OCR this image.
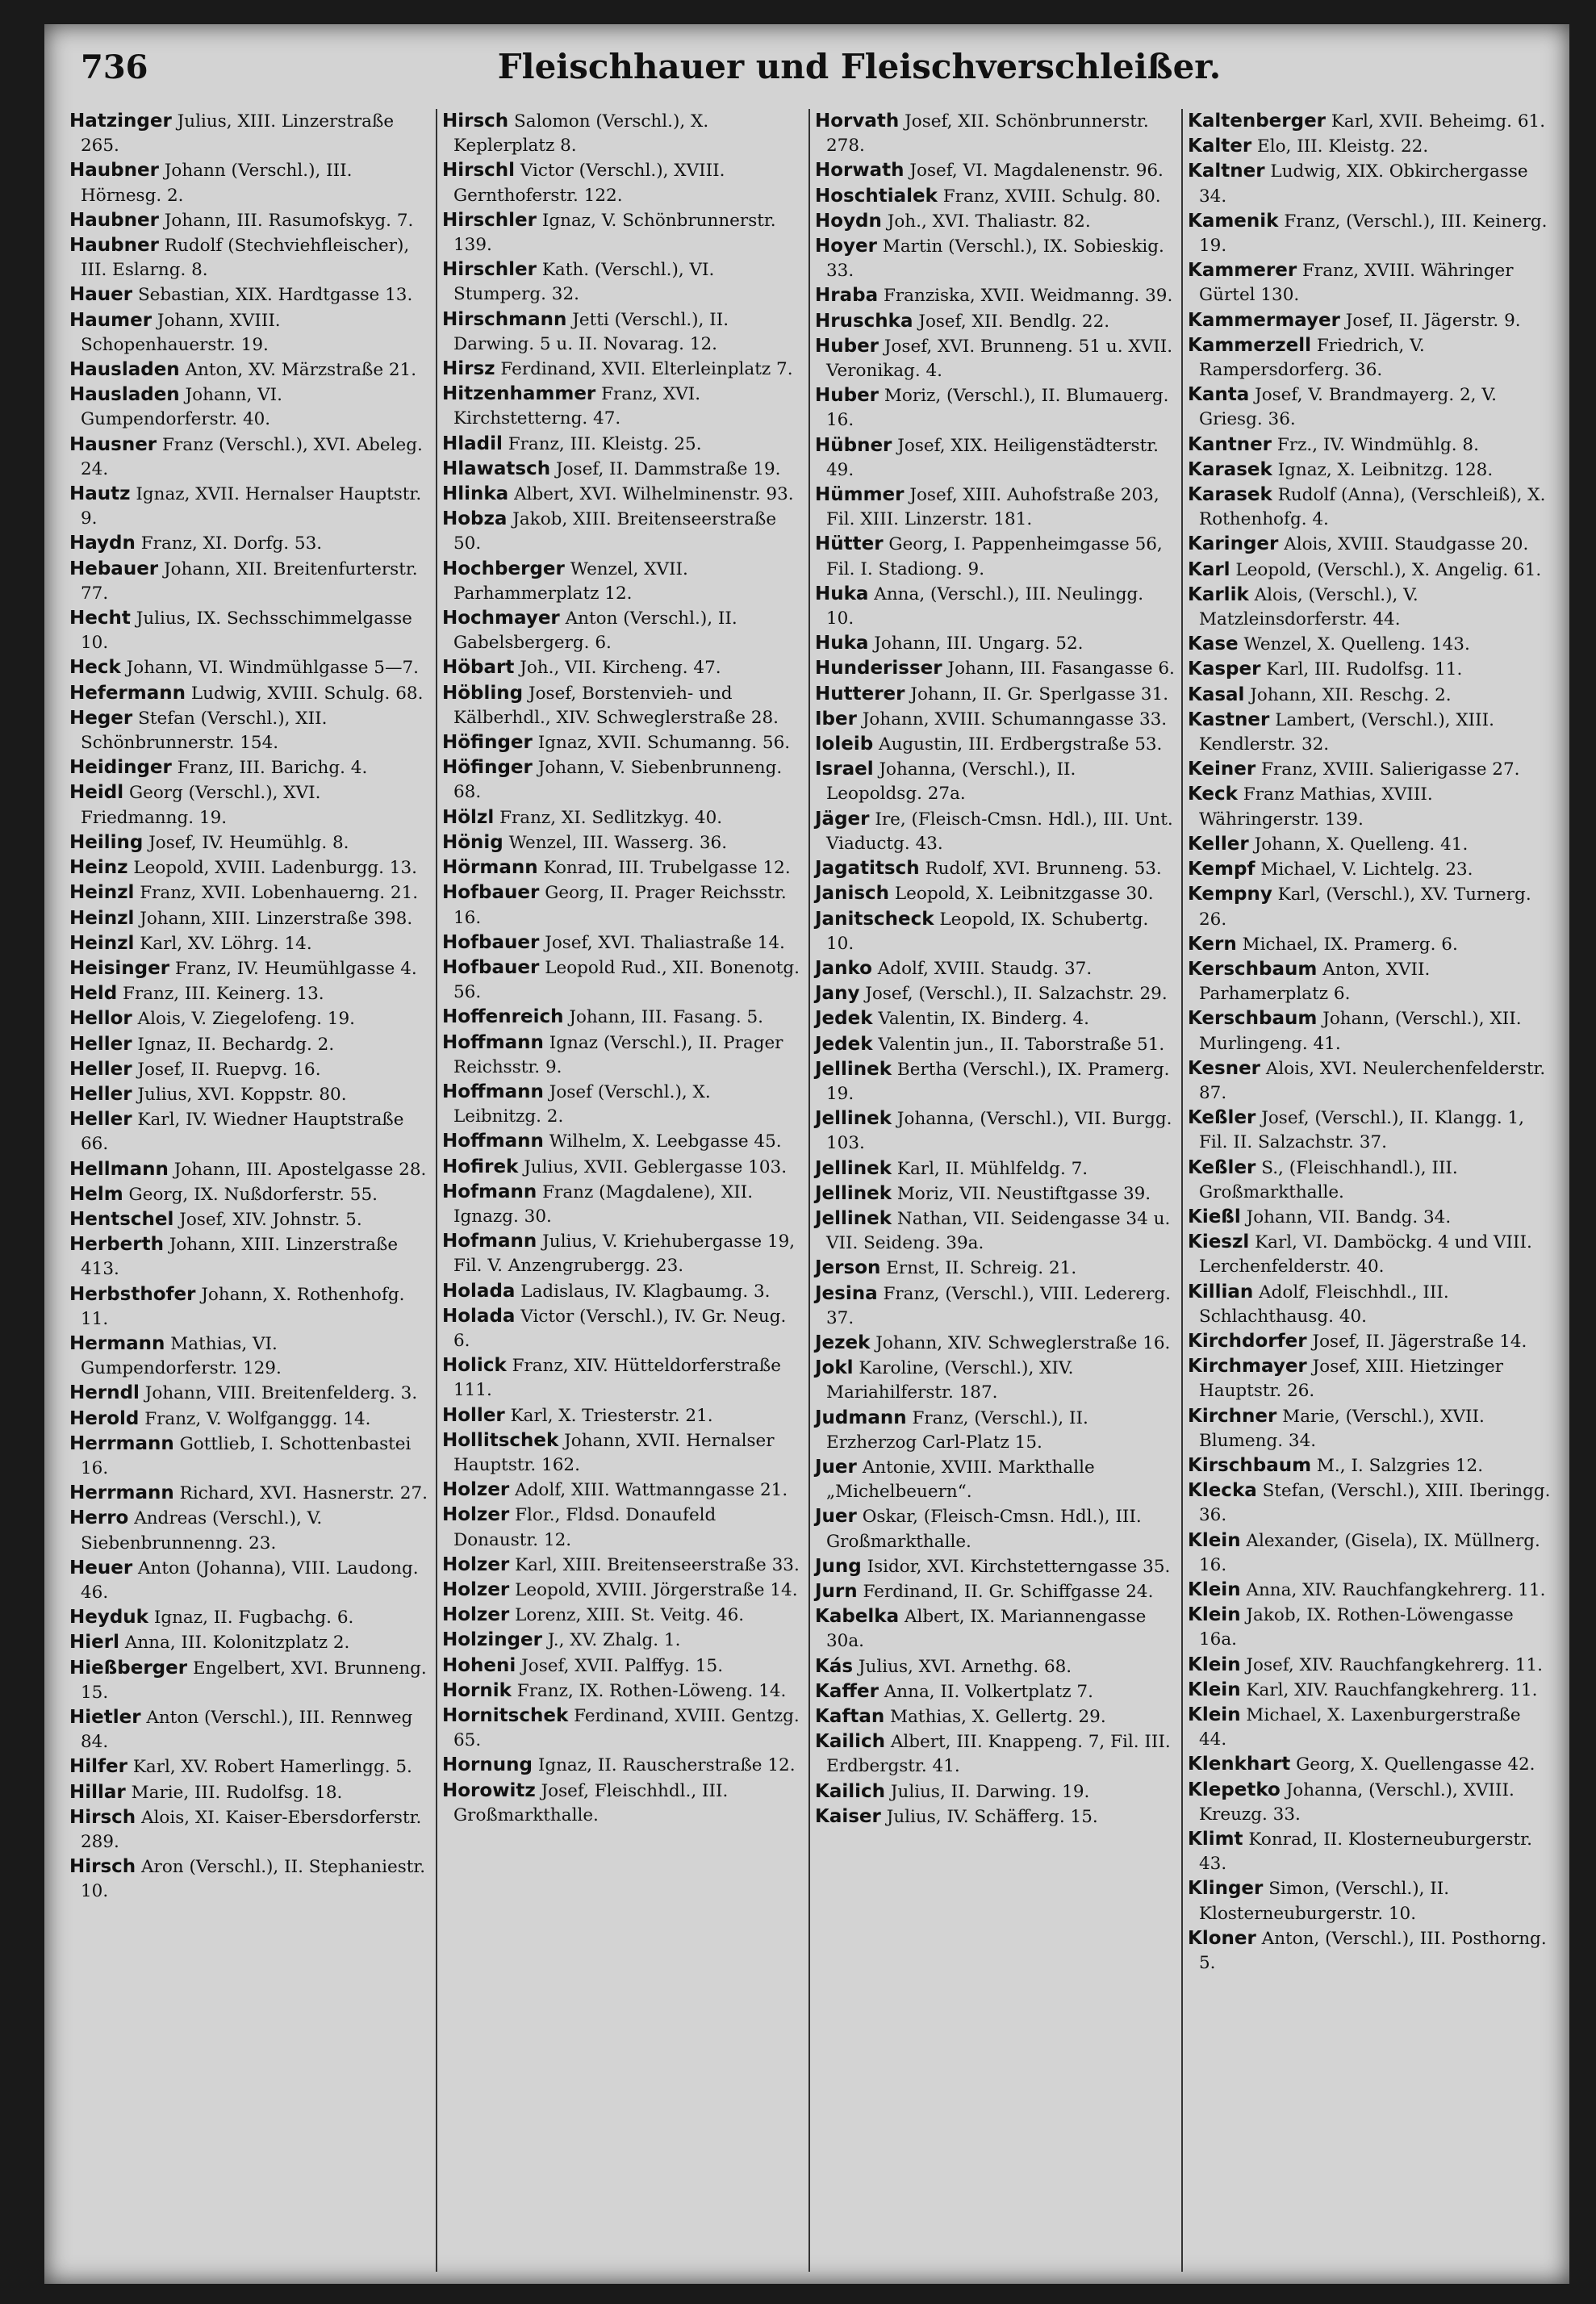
736	Fleischhauer und Fleischverschleißer.

Hatzinger Julius, XIII. Linzerstraße 265.

Haubner Johann (Verschl.), III. Hörnesg. 2.

Haubner Johann, III. Rasumofskyg. 7.

Haubner Rudolf (Stechviehfleischer), III. Eslarng. 8.

Hauer Sebastian, XIX. Hardtgasse 13.

Haumer Johann, XVIII. Schopenhauerstr. 19.

Hausladen Anton, XV. Märzstraße 21.

Hausladen Johann, VI. Gumpendorferstr. 40.

Hausner Franz (Verschl.), XVI. Abeleg. 24.

Hautz Ignaz, XVII. Hernalser Hauptstr. 9.

Haydn Franz, XI. Dorfg. 53.

Hebauer Johann, XII. Breitenfurterstr. 77.

Hecht Julius, IX. Sechsschimmelgasse 10.

Heck Johann, VI. Windmühlgasse 5—7.

Hefermann Ludwig, XVIII. Schulg. 68.

Heger Stefan (Verschl.), XII. Schönbrunnerstr. 154.

Heidinger Franz, III. Barichg. 4.

Heidl Georg (Verschl.), XVI. Friedmanng. 19.

Heiling Josef, IV. Heumühlg. 8.

Heinz Leopold, XVIII. Ladenburgg. 13.

Heinzl Franz, XVII. Lobenhauerng. 21.

Heinzl Johann, XIII. Linzerstraße 398.

Heinzl Karl, XV. Löhrg. 14.

Heisinger Franz, IV. Heumühlgasse 4.

Held Franz, III. Keinerg. 13.

Hellor Alois, V. Ziegelofeng. 19.

Heller Ignaz, II. Bechardg. 2.

Heller Josef, II. Ruepvg. 16.

Heller Julius, XVI. Koppstr. 80.

Heller Karl, IV. Wiedner Hauptstraße 66.

Hellmann Johann, III. Apostelgasse 28.

Helm Georg, IX. Nußdorferstr. 55.

Hentschel Josef, XIV. Johnstr. 5.

Herberth Johann, XIII. Linzerstraße 413.

Herbsthofer Johann, X. Rothenhofg. 11.

Hermann Mathias, VI. Gumpendorferstr. 129.

Herndl Johann, VIII. Breitenfelderg. 3.

Herold Franz, V. Wolfganggg. 14.

Herrmann Gottlieb, I. Schottenbastei 16.

Herrmann Richard, XVI. Hasnerstr. 27.

Herro Andreas (Verschl.), V. Siebenbrunnenng. 23.

Heuer Anton (Johanna), VIII. Laudong. 46.

Heyduk Ignaz, II. Fugbachg. 6.

Hierl Anna, III. Kolonitzplatz 2.

Hießberger Engelbert, XVI. Brunneng. 15.

Hietler Anton (Verschl.), III. Rennweg 84.

Hilfer Karl, XV. Robert Hamerlingg. 5.

Hillar Marie, III. Rudolfsg. 18.

Hirsch Alois, XI. Kaiser-Ebersdorferstr. 289.

Hirsch Aron (Verschl.), II. Stephaniestr. 10.

Hirsch Salomon (Verschl.), X. Keplerplatz 8.

Hirschl Victor (Verschl.), XVIII. Gernthoferstr. 122.

Hirschler Ignaz, V. Schönbrunnerstr. 139.

Hirschler Kath. (Verschl.), VI. Stumperg. 32.

Hirschmann Jetti (Verschl.), II. Darwing. 5 u. II. Novarag. 12.

Hirsz Ferdinand, XVII. Elterleinplatz 7.

Hitzenhammer Franz, XVI. Kirchstetterng. 47.

Hladil Franz, III. Kleistg. 25.

Hlawatsch Josef, II. Dammstraße 19.

Hlinka Albert, XVI. Wilhelminenstr. 93.

Hobza Jakob, XIII. Breitenseerstraße 50.

Hochberger Wenzel, XVII. Parhammerplatz 12.

Hochmayer Anton (Verschl.), II. Gabelsbergerg. 6.

Höbart Joh., VII. Kircheng. 47.

Höbling Josef, Borstenvieh- und Kälberhdl., XIV. Schweglerstraße 28.

Höfinger Ignaz, XVII. Schumanng. 56.

Höfinger Johann, V. Siebenbrunneng. 68.

Hölzl Franz, XI. Sedlitzkyg. 40.

Hönig Wenzel, III. Wasserg. 36.

Hörmann Konrad, III. Trubelgasse 12.

Hofbauer Georg, II. Prager Reichsstr. 16.

Hofbauer Josef, XVI. Thaliastraße 14.

Hofbauer Leopold Rud., XII. Bonenotg. 56.

Hoffenreich Johann, III. Fasang. 5.

Hoffmann Ignaz (Verschl.), II. Prager Reichsstr. 9.

Hoffmann Josef (Verschl.), X. Leibnitzg. 2.

Hoffmann Wilhelm, X. Leebgasse 45.

Hofirek Julius, XVII. Geblergasse 103.

Hofmann Franz (Magdalene), XII. Ignazg. 30.

Hofmann Julius, V. Kriehubergasse 19, Fil. V. Anzengrubergg. 23.

Holada Ladislaus, IV. Klagbaumg. 3.

Holada Victor (Verschl.), IV. Gr. Neug. 6.

Holick Franz, XIV. Hütteldorferstraße 111.

Holler Karl, X. Triesterstr. 21.

Hollitschek Johann, XVII. Hernalser Hauptstr. 162.

Holzer Adolf, XIII. Wattmanngasse 21.

Holzer Flor., Fldsd. Donaufeld Donaustr. 12.

Holzer Karl, XIII. Breitenseerstraße 33.

Holzer Leopold, XVIII. Jörgerstraße 14.

Holzer Lorenz, XIII. St. Veitg. 46.

Holzinger J., XV. Zhalg. 1.

Hoheni Josef, XVII. Palffyg. 15.

Hornik Franz, IX. Rothen-Löweng. 14.

Hornitschek Ferdinand, XVIII. Gentzg. 65.

Hornung Ignaz, II. Rauscherstraße 12.

Horowitz Josef, Fleischhdl., III. Großmarkthalle.

Horvath Josef, XII. Schönbrunnerstr. 278.

Horwath Josef, VI. Magdalenenstr. 96.

Hoschtialek Franz, XVIII. Schulg. 80.

Hoydn Joh., XVI. Thaliastr. 82.

Hoyer Martin (Verschl.), IX. Sobieskig. 33.

Hraba Franziska, XVII. Weidmanng. 39.

Hruschka Josef, XII. Bendlg. 22.

Huber Josef, XVI. Brunneng. 51 u. XVII. Veronikag. 4.

Huber Moriz, (Verschl.), II. Blumauerg. 16.

Hübner Josef, XIX. Heiligenstädterstr. 49.

Hümmer Josef, XIII. Auhofstraße 203, Fil. XIII. Linzerstr. 181.

Hütter Georg, I. Pappenheimgasse 56, Fil. I. Stadiong. 9.

Huka Anna, (Verschl.), III. Neulingg. 10.

Huka Johann, III. Ungarg. 52.

Hunderisser Johann, III. Fasangasse 6.

Hutterer Johann, II. Gr. Sperlgasse 31.

Iber Johann, XVIII. Schumanngasse 33.

Ioleib Augustin, III. Erdbergstraße 53.

Israel Johanna, (Verschl.), II. Leopoldsg. 27a.

Jäger Ire, (Fleisch-Cmsn. Hdl.), III. Unt. Viaductg. 43.

Jagatitsch Rudolf, XVI. Brunneng. 53.

Janisch Leopold, X. Leibnitzgasse 30.

Janitscheck Leopold, IX. Schubertg. 10.

Janko Adolf, XVIII. Staudg. 37.

Jany Josef, (Verschl.), II. Salzachstr. 29.

Jedek Valentin, IX. Binderg. 4.

Jedek Valentin jun., II. Taborstraße 51.

Jellinek Bertha (Verschl.), IX. Pramerg. 19.

Jellinek Johanna, (Verschl.), VII. Burgg. 103.

Jellinek Karl, II. Mühlfeldg. 7.

Jellinek Moriz, VII. Neustiftgasse 39.

Jellinek Nathan, VII. Seidengasse 34 u. VII. Seideng. 39a.

Jerson Ernst, II. Schreig. 21.

Jesina Franz, (Verschl.), VIII. Ledererg. 37.

Jezek Johann, XIV. Schweglerstraße 16.

Jokl Karoline, (Verschl.), XIV. Mariahilferstr. 187.

Judmann Franz, (Verschl.), II. Erzherzog Carl-Platz 15.

Juer Antonie, XVIII. Markthalle „Michelbeuern“.

Juer Oskar, (Fleisch-Cmsn. Hdl.), III. Großmarkthalle.

Jung Isidor, XVI. Kirchstetterngasse 35.

Jurn Ferdinand, II. Gr. Schiffgasse 24.

Kabelka Albert, IX. Mariannengasse 30a.

Kás Julius, XVI. Arnethg. 68.

Kaffer Anna, II. Volkertplatz 7.

Kaftan Mathias, X. Gellertg. 29.

Kailich Albert, III. Knappeng. 7, Fil. III. Erdbergstr. 41.

Kailich Julius, II. Darwing. 19.

Kaiser Julius, IV. Schäfferg. 15.

Kaltenberger Karl, XVII. Beheimg. 61.

Kalter Elo, III. Kleistg. 22.

Kaltner Ludwig, XIX. Obkirchergasse 34.

Kamenik Franz, (Verschl.), III. Keinerg. 19.

Kammerer Franz, XVIII. Währinger Gürtel 130.

Kammermayer Josef, II. Jägerstr. 9.

Kammerzell Friedrich, V. Rampersdorferg. 36.

Kanta Josef, V. Brandmayerg. 2, V. Griesg. 36.

Kantner Frz., IV. Windmühlg. 8.

Karasek Ignaz, X. Leibnitzg. 128.

Karasek Rudolf (Anna), (Verschleiß), X. Rothenhofg. 4.

Karinger Alois, XVIII. Staudgasse 20.

Karl Leopold, (Verschl.), X. Angelig. 61.

Karlik Alois, (Verschl.), V. Matzleinsdorferstr. 44.

Kase Wenzel, X. Quelleng. 143.

Kasper Karl, III. Rudolfsg. 11.

Kasal Johann, XII. Reschg. 2.

Kastner Lambert, (Verschl.), XIII. Kendlerstr. 32.

Keiner Franz, XVIII. Salierigasse 27.

Keck Franz Mathias, XVIII. Währingerstr. 139.

Keller Johann, X. Quelleng. 41.

Kempf Michael, V. Lichtelg. 23.

Kempny Karl, (Verschl.), XV. Turnerg. 26.

Kern Michael, IX. Pramerg. 6.

Kerschbaum Anton, XVII. Parhamerplatz 6.

Kerschbaum Johann, (Verschl.), XII. Murlingeng. 41.

Kesner Alois, XVI. Neulerchenfelderstr. 87.

Keßler Josef, (Verschl.), II. Klangg. 1, Fil. II. Salzachstr. 37.

Keßler S., (Fleischhandl.), III. Großmarkthalle.

Kießl Johann, VII. Bandg. 34.

Kieszl Karl, VI. Damböckg. 4 und VIII. Lerchenfelderstr. 40.

Killian Adolf, Fleischhdl., III. Schlachthausg. 40.

Kirchdorfer Josef, II. Jägerstraße 14.

Kirchmayer Josef, XIII. Hietzinger Hauptstr. 26.

Kirchner Marie, (Verschl.), XVII. Blumeng. 34.

Kirschbaum M., I. Salzgries 12.

Klecka Stefan, (Verschl.), XIII. Iberingg. 36.

Klein Alexander, (Gisela), IX. Müllnerg. 16.

Klein Anna, XIV. Rauchfangkehrerg. 11.

Klein Jakob, IX. Rothen-Löwengasse 16a.

Klein Josef, XIV. Rauchfangkehrerg. 11.

Klein Karl, XIV. Rauchfangkehrerg. 11.

Klein Michael, X. Laxenburgerstraße 44.

Klenkhart Georg, X. Quellengasse 42.

Klepetko Johanna, (Verschl.), XVIII. Kreuzg. 33.

Klimt Konrad, II. Klosterneuburgerstr. 43.

Klinger Simon, (Verschl.), II. Klosterneuburgerstr. 10.

Kloner Anton, (Verschl.), III. Posthorng. 5.
